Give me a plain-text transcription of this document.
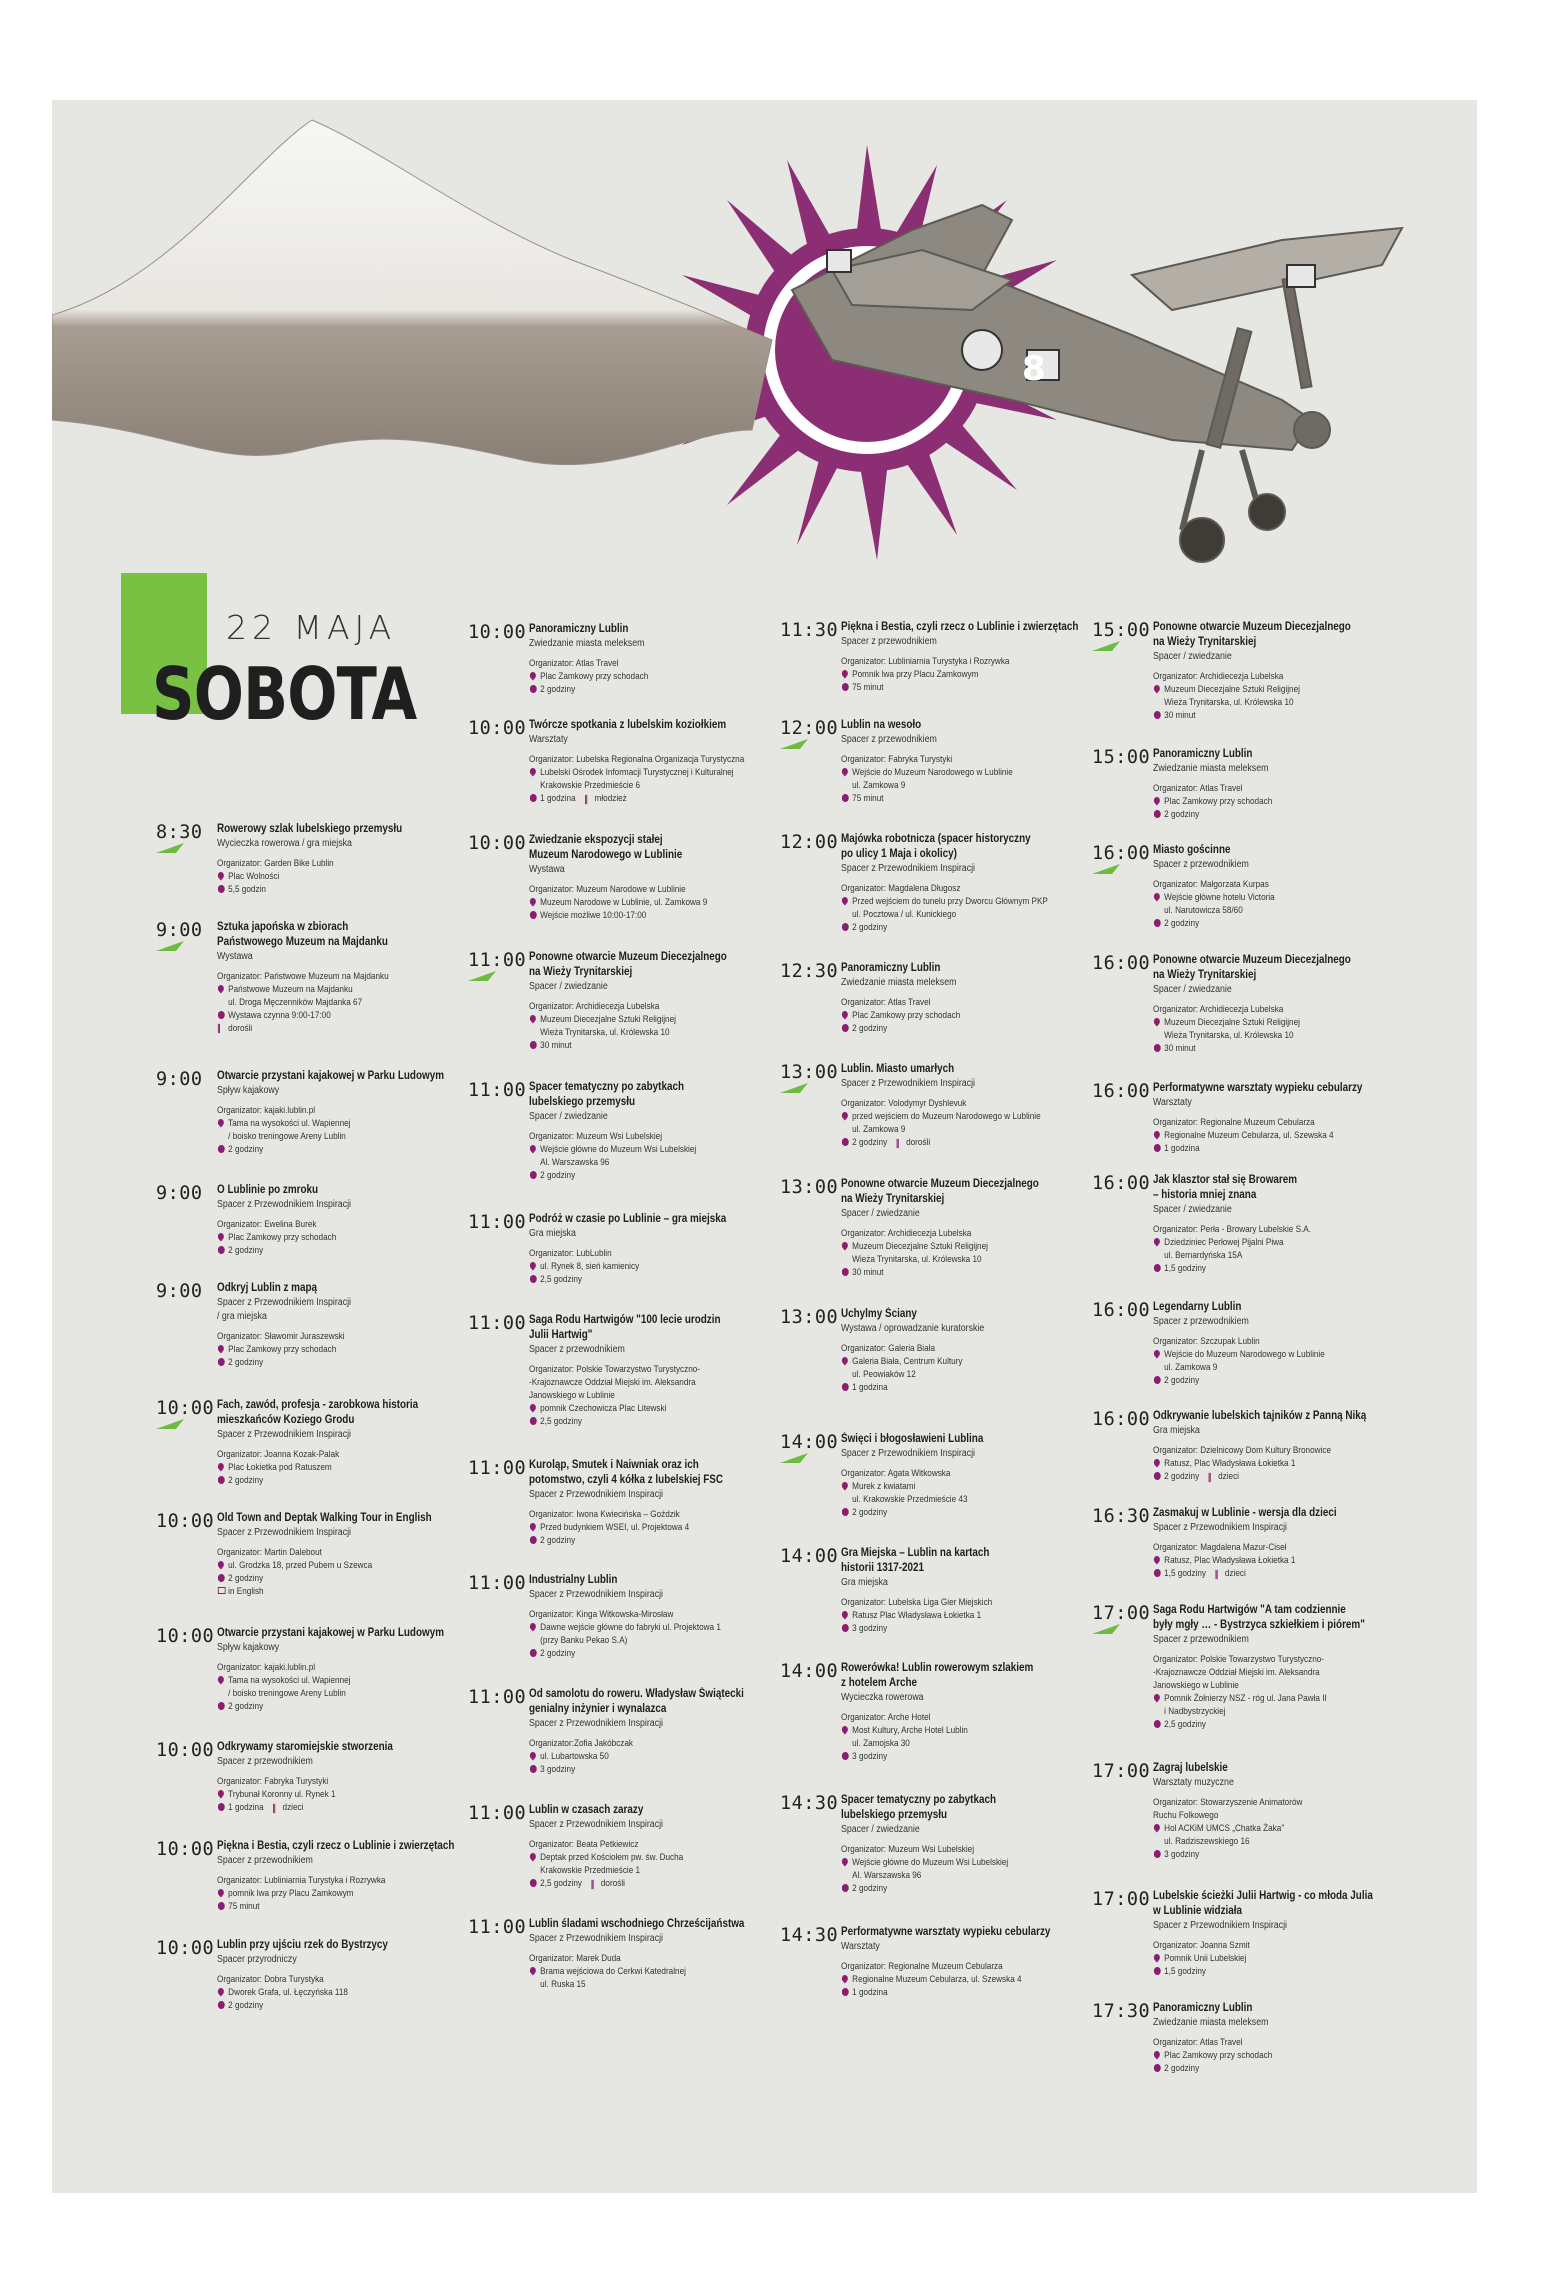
8
22 MAJA
SOBOTA
8:30 Rowerowy szlak lubelskiego przemysłu
Wycieczka rowerowa / gra miejska
Organizator: Garden Bike Lublin
Plac Wolności
5,5 godzin
9:00 Sztuka japońska w zbiorach
Państwowego Muzeum na Majdanku
Wystawa
Organizator: Państwowe Muzeum na Majdanku
Państwowe Muzeum na Majdanku
ul. Droga Męczenników Majdanka 67
Wystawa czynna 9:00-17:00
∥ dorośli
9:00 Otwarcie przystani kajakowej w Parku Ludowym
Spływ kajakowy
Organizator: kajaki.lublin.pl
Tama na wysokości ul. Wapiennej
/ boisko treningowe Areny Lublin
2 godziny
9:00 O Lublinie po zmroku
Spacer z Przewodnikiem Inspiracji
Organizator: Ewelina Burek
Plac Zamkowy przy schodach
2 godziny
9:00 Odkryj Lublin z mapą
Spacer z Przewodnikiem Inspiracji
/ gra miejska
Organizator: Sławomir Juraszewski
Plac Zamkowy przy schodach
2 godziny
10:00 Fach, zawód, profesja - zarobkowa historia
mieszkańców Koziego Grodu
Spacer z Przewodnikiem Inspiracji
Organizator: Joanna Kozak-Palak
Plac Łokietka pod Ratuszem
2 godziny
10:00 Old Town and Deptak Walking Tour in English
Spacer z Przewodnikiem Inspiracji
Organizator: Martin Dalebout
ul. Grodzka 18, przed Pubem u Szewca
2 godziny
in English
10:00 Otwarcie przystani kajakowej w Parku Ludowym
Spływ kajakowy
Organizator: kajaki.lublin.pl
Tama na wysokości ul. Wapiennej
/ boisko treningowe Areny Lublin
2 godziny
10:00 Odkrywamy staromiejskie stworzenia
Spacer z przewodnikiem
Organizator: Fabryka Turystyki
Trybunał Koronny ul. Rynek 1
1 godzina ∥ dzieci
10:00 Piękna i Bestia, czyli rzecz o Lublinie i zwierzętach
Spacer z przewodnikiem
Organizator: Lubliniarnia Turystyka i Rozrywka
pomnik lwa przy Placu Zamkowym
75 minut
10:00 Lublin przy ujściu rzek do Bystrzycy
Spacer przyrodniczy
Organizator: Dobra Turystyka
Dworek Grafa, ul. Łęczyńska 118
2 godziny
10:00 Panoramiczny Lublin
Zwiedzanie miasta meleksem
Organizator: Atlas Travel
Plac Zamkowy przy schodach
2 godziny
10:00 Twórcze spotkania z lubelskim koziołkiem
Warsztaty
Organizator: Lubelska Regionalna Organizacja Turystyczna
Lubelski Ośrodek Informacji Turystycznej i Kulturalnej
Krakowskie Przedmieście 6
1 godzina ∥ młodzież
10:00 Zwiedzanie ekspozycji stałej
Muzeum Narodowego w Lublinie
Wystawa
Organizator: Muzeum Narodowe w Lublinie
Muzeum Narodowe w Lublinie, ul. Zamkowa 9
Wejście możliwe 10:00-17:00
11:00 Ponowne otwarcie Muzeum Diecezjalnego
na Wieży Trynitarskiej
Spacer / zwiedzanie
Organizator: Archidiecezja Lubelska
Muzeum Diecezjalne Sztuki Religijnej
Wieża Trynitarska, ul. Królewska 10
30 minut
11:00 Spacer tematyczny po zabytkach
lubelskiego przemysłu
Spacer / zwiedzanie
Organizator: Muzeum Wsi Lubelskiej
Wejście główne do Muzeum Wsi Lubelskiej
Al. Warszawska 96
2 godziny
11:00 Podróż w czasie po Lublinie – gra miejska
Gra miejska
Organizator: LubLublin
ul. Rynek 8, sień kamienicy
2,5 godziny
11:00 Saga Rodu Hartwigów "100 lecie urodzin
Julii Hartwig"
Spacer z przewodnikiem
Organizator: Polskie Towarzystwo Turystyczno-
-Krajoznawcze Oddział Miejski im. Aleksandra
Janowskiego w Lublinie
pomnik Czechowicza Plac Litewski
2,5 godziny
11:00 Kuroląp, Smutek i Naiwniak oraz ich
potomstwo, czyli 4 kółka z lubelskiej FSC
Spacer z Przewodnikiem Inspiracji
Organizator: Iwona Kwiecińska – Goździk
Przed budynkiem WSEI, ul. Projektowa 4
2 godziny
11:00 Industrialny Lublin
Spacer z Przewodnikiem Inspiracji
Organizator: Kinga Witkowska-Mirosław
Dawne wejście główne do fabryki ul. Projektowa 1
(przy Banku Pekao S.A)
2 godziny
11:00 Od samolotu do roweru. Władysław Świątecki
genialny inżynier i wynalazca
Spacer z Przewodnikiem Inspiracji
Organizator:Zofia Jakóbczak
ul. Lubartowska 50
3 godziny
11:00 Lublin w czasach zarazy
Spacer z Przewodnikiem Inspiracji
Organizator: Beata Petkiewicz
Deptak przed Kościołem pw. św. Ducha
Krakowskie Przedmieście 1
2,5 godziny ∥ dorośli
11:00 Lublin śladami wschodniego Chrześcijaństwa
Spacer z Przewodnikiem Inspiracji
Organizator: Marek Duda
Brama wejściowa do Cerkwi Katedralnej
ul. Ruska 15
11:30 Piękna i Bestia, czyli rzecz o Lublinie i zwierzętach
Spacer z przewodnikiem
Organizator: Lubliniarnia Turystyka i Rozrywka
Pomnik lwa przy Placu Zamkowym
75 minut
12:00 Lublin na wesoło
Spacer z przewodnikiem
Organizator: Fabryka Turystyki
Wejście do Muzeum Narodowego w Lublinie
ul. Zamkowa 9
75 minut
12:00 Majówka robotnicza (spacer historyczny
po ulicy 1 Maja i okolicy)
Spacer z Przewodnikiem Inspiracji
Organizator: Magdalena Długosz
Przed wejściem do tunelu przy Dworcu Głównym PKP
ul. Pocztowa / ul. Kunickiego
2 godziny
12:30 Panoramiczny Lublin
Zwiedzanie miasta meleksem
Organizator: Atlas Travel
Plac Zamkowy przy schodach
2 godziny
13:00 Lublin. Miasto umarłych
Spacer z Przewodnikiem Inspiracji
Organizator: Volodymyr Dyshlevuk
przed wejściem do Muzeum Narodowego w Lublinie
ul. Zamkowa 9
2 godziny ∥ dorośli
13:00 Ponowne otwarcie Muzeum Diecezjalnego
na Wieży Trynitarskiej
Spacer / zwiedzanie
Organizator: Archidiecezja Lubelska
Muzeum Diecezjalne Sztuki Religijnej
Wieża Trynitarska, ul. Królewska 10
30 minut
13:00 Uchylmy Ściany
Wystawa / oprowadzanie kuratorskie
Organizator: Galeria Biała
Galeria Biała, Centrum Kultury
ul. Peowiaków 12
1 godzina
14:00 Święci i błogosławieni Lublina
Spacer z Przewodnikiem Inspiracji
Organizator: Agata Witkowska
Murek z kwiatami
ul. Krakowskie Przedmieście 43
2 godziny
14:00 Gra Miejska – Lublin na kartach
historii 1317-2021
Gra miejska
Organizator: Lubelska Liga Gier Miejskich
Ratusz Plac Władysława Łokietka 1
3 godziny
14:00 Rowerówka! Lublin rowerowym szlakiem
z hotelem Arche
Wycieczka rowerowa
Organizator: Arche Hotel
Most Kultury, Arche Hotel Lublin
ul. Zamojska 30
3 godziny
14:30 Spacer tematyczny po zabytkach
lubelskiego przemysłu
Spacer / zwiedzanie
Organizator: Muzeum Wsi Lubelskiej
Wejście główne do Muzeum Wsi Lubelskiej
Al. Warszawska 96
2 godziny
14:30 Performatywne warsztaty wypieku cebularzy
Warsztaty
Organizator: Regionalne Muzeum Cebularza
Regionalne Muzeum Cebularza, ul. Szewska 4
1 godzina
15:00 Ponowne otwarcie Muzeum Diecezjalnego
na Wieży Trynitarskiej
Spacer / zwiedzanie
Organizator: Archidiecezja Lubelska
Muzeum Diecezjalne Sztuki Religijnej
Wieża Trynitarska, ul. Królewska 10
30 minut
15:00 Panoramiczny Lublin
Zwiedzanie miasta meleksem
Organizator: Atlas Travel
Plac Zamkowy przy schodach
2 godziny
16:00 Miasto gościnne
Spacer z przewodnikiem
Organizator: Małgorzata Kurpas
Wejście główne hotelu Victoria
ul. Narutowicza 58/60
2 godziny
16:00 Ponowne otwarcie Muzeum Diecezjalnego
na Wieży Trynitarskiej
Spacer / zwiedzanie
Organizator: Archidiecezja Lubelska
Muzeum Diecezjalne Sztuki Religijnej
Wieża Trynitarska, ul. Królewska 10
30 minut
16:00 Performatywne warsztaty wypieku cebularzy
Warsztaty
Organizator: Regionalne Muzeum Cebularza
Regionalne Muzeum Cebularza, ul. Szewska 4
1 godzina
16:00 Jak klasztor stał się Browarem
– historia mniej znana
Spacer / zwiedzanie
Organizator: Perła - Browary Lubelskie S.A.
Dziedziniec Perłowej Pijalni Piwa
ul. Bernardyńska 15A
1,5 godziny
16:00 Legendarny Lublin
Spacer z przewodnikiem
Organizator: Szczupak Lublin
Wejście do Muzeum Narodowego w Lublinie
ul. Zamkowa 9
2 godziny
16:00 Odkrywanie lubelskich tajników z Panną Niką
Gra miejska
Organizator: Dzielnicowy Dom Kultury Bronowice
Ratusz, Plac Władysława Łokietka 1
2 godziny ∥ dzieci
16:30 Zasmakuj w Lublinie - wersja dla dzieci
Spacer z Przewodnikiem Inspiracji
Organizator: Magdalena Mazur-Ciseł
Ratusz, Plac Władysława Łokietka 1
1,5 godziny ∥ dzieci
17:00 Saga Rodu Hartwigów "A tam codziennie
były mgły … - Bystrzyca szkiełkiem i piórem"
Spacer z przewodnikiem
Organizator: Polskie Towarzystwo Turystyczno-
-Krajoznawcze Oddział Miejski im. Aleksandra
Janowskiego w Lublinie
Pomnik Żołnierzy NSZ - róg ul. Jana Pawła II
i Nadbystrzyckiej
2,5 godziny
17:00 Zagraj lubelskie
Warsztaty muzyczne
Organizator: Stowarzyszenie Animatorów
Ruchu Folkowego
Hol ACKiM UMCS „Chatka Żaka"
ul. Radziszewskiego 16
3 godziny
17:00 Lubelskie ścieżki Julii Hartwig - co młoda Julia
w Lublinie widziała
Spacer z Przewodnikiem Inspiracji
Organizator: Joanna Szmit
Pomnik Unii Lubelskiej
1,5 godziny
17:30 Panoramiczny Lublin
Zwiedzanie miasta meleksem
Organizator: Atlas Travel
Plac Zamkowy przy schodach
2 godziny
